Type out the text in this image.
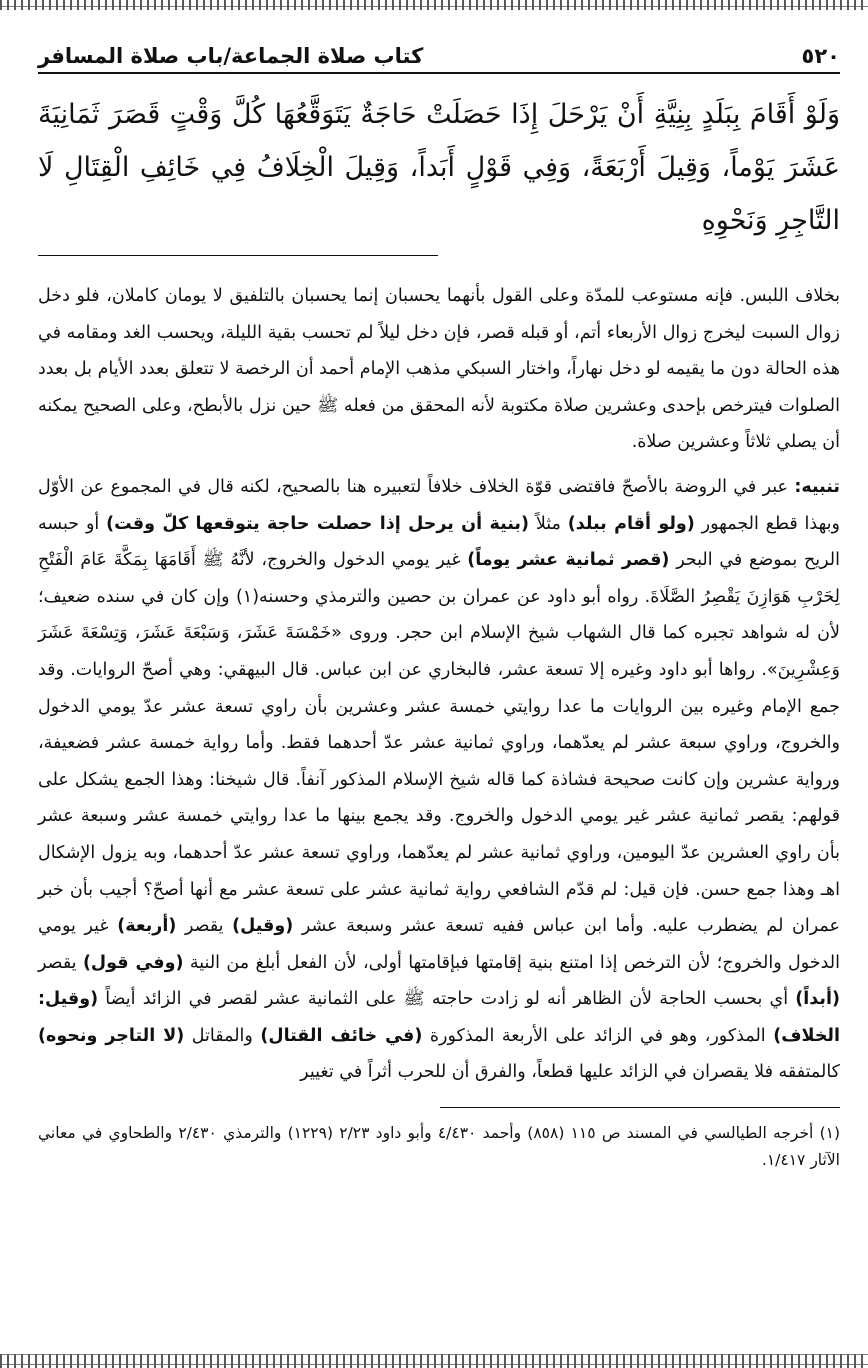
٥٢٠
كتاب صلاة الجماعة/باب صلاة المسافر
وَلَوْ أَقَامَ بِبَلَدٍ بِنِيَّةِ أَنْ يَرْحَلَ إِذَا حَصَلَتْ حَاجَةٌ يَتَوَقَّعُهَا كُلَّ وَقْتٍ قَصَرَ ثَمَانِيَةَ عَشَرَ يَوْماً، وَقِيلَ أَرْبَعَةً، وَفِي قَوْلٍ أَبَداً، وَقِيلَ الْخِلَافُ فِي خَائِفِ الْقِتَالِ لَا التَّاجِرِ وَنَحْوِهِ

بخلاف اللبس. فإنه مستوعب للمدّة وعلى القول بأنهما يحسبان إنما يحسبان بالتلفيق لا يومان كاملان، فلو دخل زوال السبت ليخرج زوال الأربعاء أتم، أو قبله قصر، فإن دخل ليلاً لم تحسب بقية الليلة، ويحسب الغد ومقامه في هذه الحالة دون ما يقيمه لو دخل نهاراً، واختار السبكي مذهب الإمام أحمد أن الرخصة لا تتعلق بعدد الأيام بل بعدد الصلوات فيترخص بإحدى وعشرين صلاة مكتوبة لأنه المحقق من فعله ﷺ حين نزل بالأبطح، وعلى الصحيح يمكنه أن يصلي ثلاثاً وعشرين صلاة.

تنبيه: عبر في الروضة بالأصحّ فاقتضى قوّة الخلاف خلافاً لتعبيره هنا بالصحيح، لكنه قال في المجموع عن الأوّل وبهذا قطع الجمهور (ولو أقام ببلد) مثلاً (بنية أن يرحل إذا حصلت حاجة يتوقعها كلّ وقت) أو حبسه الريح بموضع في البحر (قصر ثمانية عشر يوماً) غير يومي الدخول والخروج، لأنَّهُ ﷺ أَقَامَهَا بِمَكَّةَ عَامَ الْفَتْحِ لِحَرْبِ هَوَازِنَ يَقْصِرُ الصَّلَاةَ. رواه أبو داود عن عمران بن حصين والترمذي وحسنه(١) وإن كان في سنده ضعيف؛ لأن له شواهد تجبره كما قال الشهاب شيخ الإسلام ابن حجر. وروى «خَمْسَةَ عَشَرَ، وَسَبْعَةَ عَشَرَ، وَتِسْعَةَ عَشَرَ وَعِشْرِينَ». رواها أبو داود وغيره إلا تسعة عشر، فالبخاري عن ابن عباس. قال البيهقي: وهي أصحّ الروايات. وقد جمع الإمام وغيره بين الروايات ما عدا روايتي خمسة عشر وعشرين بأن راوي تسعة عشر عدّ يومي الدخول والخروج، وراوي سبعة عشر لم يعدّهما، وراوي ثمانية عشر عدّ أحدهما فقط. وأما رواية خمسة عشر فضعيفة، ورواية عشرين وإن كانت صحيحة فشاذة كما قاله شيخ الإسلام المذكور آنفاً. قال شيخنا: وهذا الجمع يشكل على قولهم: يقصر ثمانية عشر غير يومي الدخول والخروج. وقد يجمع بينها ما عدا روايتي خمسة عشر وسبعة عشر بأن راوي العشرين عدّ اليومين، وراوي ثمانية عشر لم يعدّهما، وراوي تسعة عشر عدّ أحدهما، وبه يزول الإشكال اهـ وهذا جمع حسن. فإن قيل: لم قدّم الشافعي رواية ثمانية عشر على تسعة عشر مع أنها أصحّ؟ أجيب بأن خبر عمران لم يضطرب عليه. وأما ابن عباس ففيه تسعة عشر وسبعة عشر (وقيل) يقصر (أربعة) غير يومي الدخول والخروج؛ لأن الترخص إذا امتنع بنية إقامتها فبإقامتها أولى، لأن الفعل أبلغ من النية (وفي قول) يقصر (أبداً) أي بحسب الحاجة لأن الظاهر أنه لو زادت حاجته ﷺ على الثمانية عشر لقصر في الزائد أيضاً (وقيل: الخلاف) المذكور، وهو في الزائد على الأربعة المذكورة (في خائف القتال) والمقاتل (لا التاجر ونحوه) كالمتفقه فلا يقصران في الزائد عليها قطعاً، والفرق أن للحرب أثراً في تغيير

(١) أخرجه الطيالسي في المسند ص ١١٥ (٨٥٨) وأحمد ٤/٤٣٠ وأبو داود ٢/٢٣ (١٢٢٩) والترمذي ٢/٤٣٠ والطحاوي في معاني الآثار ١/٤١٧.
